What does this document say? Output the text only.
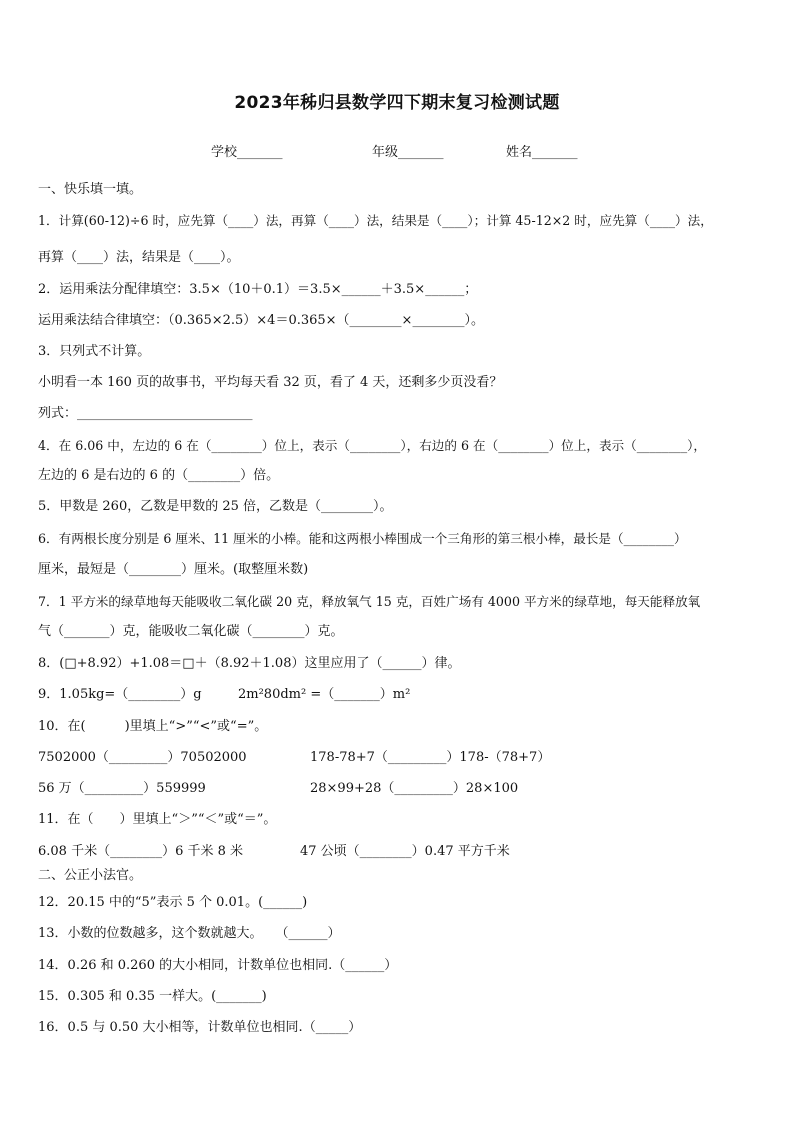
2023年秭归县数学四下期末复习检测试题
学校_______	年级_______	姓名_______
一、快乐填一填。
1．计算(60-12)÷6 时，应先算（____）法，再算（____）法，结果是（____）；计算 45-12×2 时，应先算（____）法，
再算（____）法，结果是（____）。
2．运用乘法分配律填空：3.5×（10＋0.1）＝3.5×______＋3.5×______；
运用乘法结合律填空：（0.365×2.5）×4＝0.365×（________×________）。
3．只列式不计算。
小明看一本 160 页的故事书，平均每天看 32 页，看了 4 天，还剩多少页没看？
列式：___________________________
4．在 6.06 中，左边的 6 在（________）位上，表示（________），右边的 6 在（________）位上，表示（________），
左边的 6 是右边的 6 的（________）倍。
5．甲数是 260，乙数是甲数的 25 倍，乙数是（________）。
6．有两根长度分别是 6 厘米、11 厘米的小棒。能和这两根小棒围成一个三角形的第三根小棒，最长是（________）
厘米，最短是（________）厘米。(取整厘米数)
7．1 平方米的绿草地每天能吸收二氧化碳 20 克，释放氧气 15 克，百姓广场有 4000 平方米的绿草地，每天能释放氧
气（_______）克，能吸收二氧化碳（________）克。
8．(□+8.92）+1.08＝□＋（8.92＋1.08）这里应用了（______）律。
9．1.05kg=（________）g	2m²80dm² =（_______）m²
10．在(　　　)里填上“>”“<”或“=”。
7502000（_________）70502000	178-78+7（_________）178-（78+7）
56 万（_________）559999	28×99+28（_________）28×100
11．在（　　）里填上“＞”“＜”或“＝”。
6.08 千米（________）6 千米 8 米	47 公顷（________）0.47 平方千米
二、公正小法官。
12．20.15 中的“5”表示 5 个 0.01。(______)
13．小数的位数越多，这个数就越大。　　（______）
14．0.26 和 0.260 的大小相同，计数单位也相同.（______）
15．0.305 和 0.35 一样大。(_______)
16．0.5 与 0.50 大小相等，计数单位也相同.（_____）
